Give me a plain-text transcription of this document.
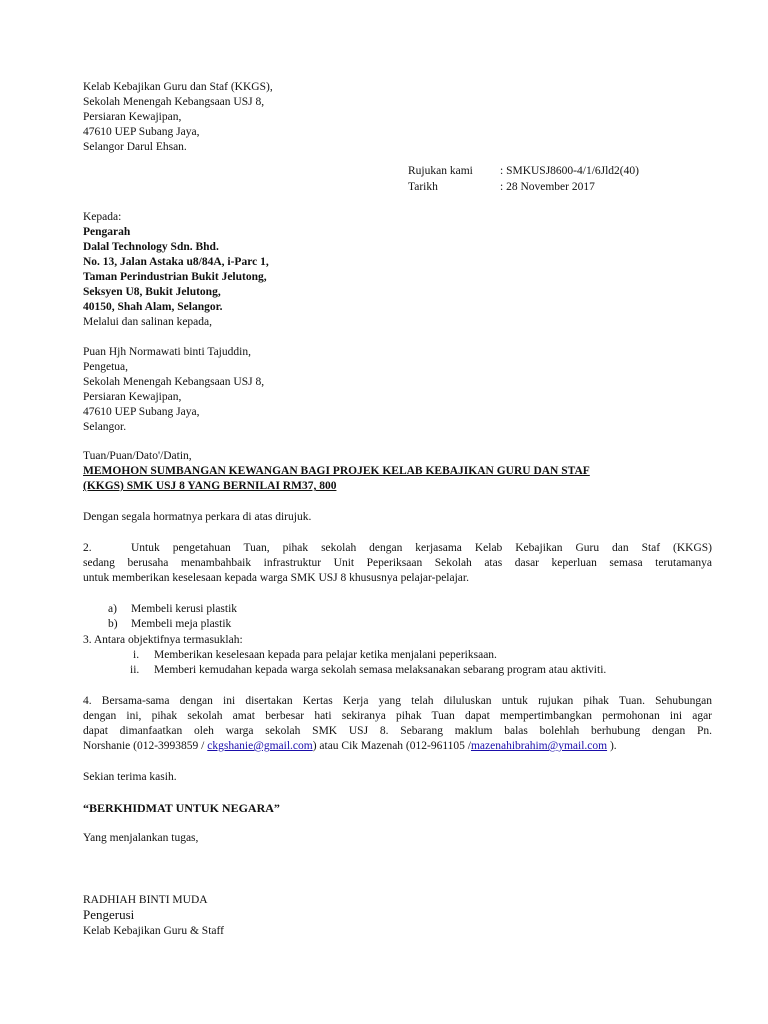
Kelab Kebajikan Guru dan Staf (KKGS),
Sekolah Menengah Kebangsaan USJ 8,
Persiaran Kewajipan,
47610 UEP Subang Jaya,
Selangor Darul Ehsan.
Rujukan kami : SMKUSJ8600-4/1/6Jld2(40)
Tarikh	: 28 November 2017
Kepada:
Pengarah
Dalal Technology Sdn. Bhd.
No. 13, Jalan Astaka u8/84A, i-Parc 1,
Taman Perindustrian Bukit Jelutong,
Seksyen U8, Bukit Jelutong,
40150, Shah Alam, Selangor.
Melalui dan salinan kepada,
Puan Hjh Normawati binti Tajuddin,
Pengetua,
Sekolah Menengah Kebangsaan USJ 8,
Persiaran Kewajipan,
47610 UEP Subang Jaya,
Selangor.
Tuan/Puan/Dato'/Datin,
MEMOHON SUMBANGAN KEWANGAN BAGI PROJEK KELAB KEBAJIKAN GURU DAN STAF
(KKGS) SMK USJ 8 YANG BERNILAI RM37, 800
Dengan segala hormatnya perkara di atas dirujuk.
2.	Untuk pengetahuan Tuan, pihak sekolah dengan kerjasama Kelab Kebajikan Guru dan Staf (KKGS)
sedang berusaha menambahbaik infrastruktur Unit Peperiksaan Sekolah atas dasar keperluan semasa terutamanya
untuk memberikan keselesaan kepada warga SMK USJ 8 khususnya pelajar-pelajar.
a) Membeli kerusi plastik
b) Membeli meja plastik
3. Antara objektifnya termasuklah:
i. Memberikan keselesaan kepada para pelajar ketika menjalani peperiksaan.
ii. Memberi kemudahan kepada warga sekolah semasa melaksanakan sebarang program atau aktiviti.
4. Bersama-sama dengan ini disertakan Kertas Kerja yang telah diluluskan untuk rujukan pihak Tuan. Sehubungan
dengan ini, pihak sekolah amat berbesar hati sekiranya pihak Tuan dapat mempertimbangkan permohonan ini agar
dapat dimanfaatkan oleh warga sekolah SMK USJ 8. Sebarang maklum balas bolehlah berhubung dengan Pn.
Norshanie (012-3993859 / ckgshanie@gmail.com) atau Cik Mazenah (012-961105 /mazenahibrahim@ymail.com ).
Sekian terima kasih.
“BERKHIDMAT UNTUK NEGARA”
Yang menjalankan tugas,
RADHIAH BINTI MUDA
Pengerusi
Kelab Kebajikan Guru & Staff
